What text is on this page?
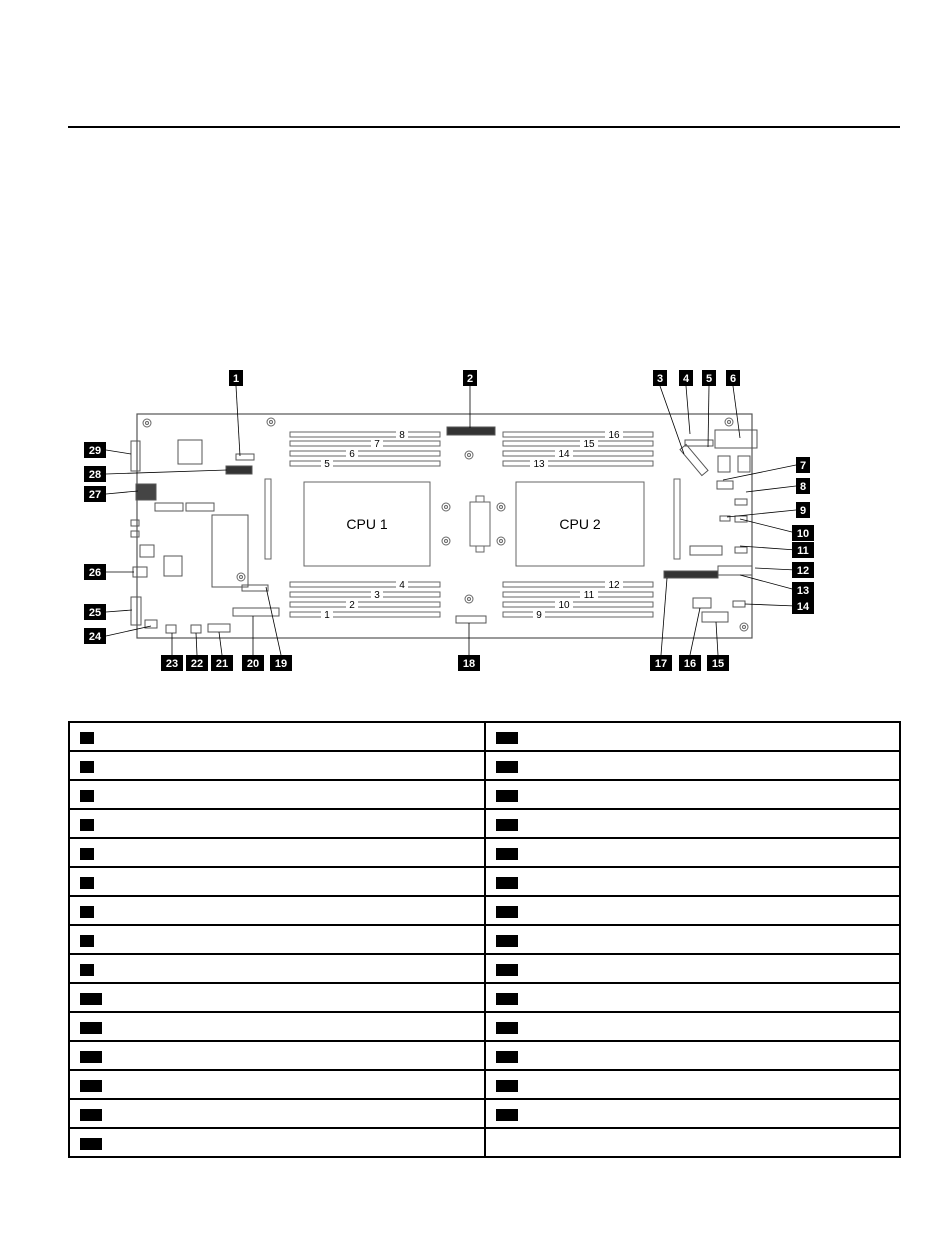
8
7
6
5
16
15
14
13
4
3
2
1
12
11
10
9
CPU 1	CPU 2
1	2	3 4 5 6
7
8
9
10
11
12
13
14
15
16
17
18
19
20
21
22
23
24
25
26
27
28
29
1	16
2	17
3	18
4	19
5	20
6	21
7	22
8	23
9	24
10	25
11	26
12	27
13	28
14	29
15	
